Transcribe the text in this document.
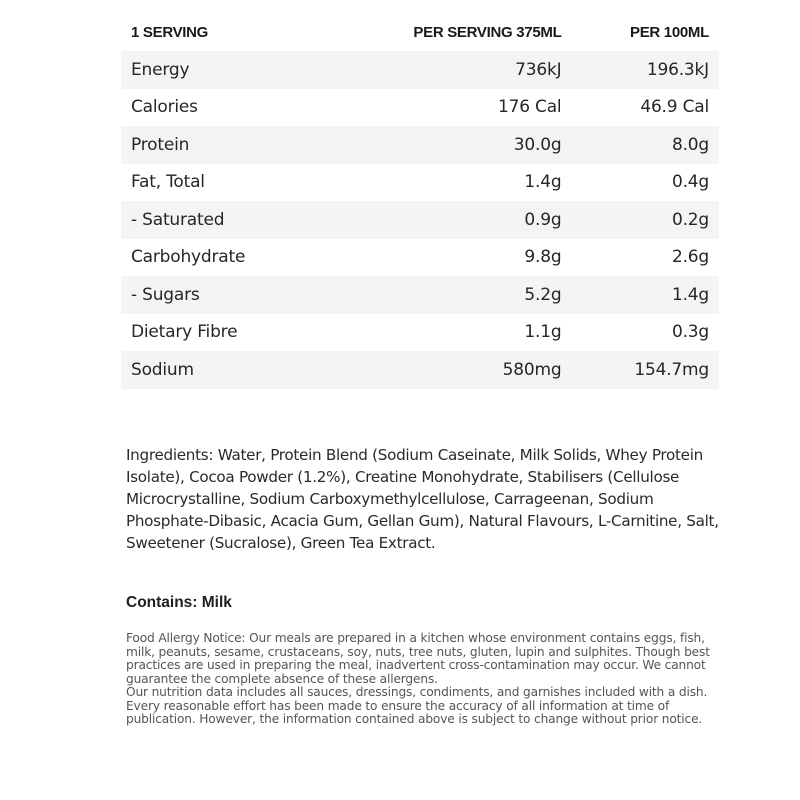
1 SERVING	PER SERVING 375ML	PER 100ML
Energy	736kJ	196.3kJ
Calories	176 Cal	46.9 Cal
Protein	30.0g	8.0g
Fat, Total	1.4g	0.4g
- Saturated	0.9g	0.2g
Carbohydrate	9.8g	2.6g
- Sugars	5.2g	1.4g
Dietary Fibre	1.1g	0.3g
Sodium	580mg	154.7mg
Ingredients: Water, Protein Blend (Sodium Caseinate, Milk Solids, Whey Protein Isolate), Cocoa Powder (1.2%), Creatine Monohydrate, Stabilisers (Cellulose Microcrystalline, Sodium Carboxymethylcellulose, Carrageenan, Sodium Phosphate-Dibasic, Acacia Gum, Gellan Gum), Natural Flavours, L-Carnitine, Salt, Sweetener (Sucralose), Green Tea Extract.
Contains: Milk

Food Allergy Notice: Our meals are prepared in a kitchen whose environment contains eggs, fish, milk, peanuts, sesame, crustaceans, soy, nuts, tree nuts, gluten, lupin and sulphites. Though best practices are used in preparing the meal, inadvertent cross-contamination may occur. We cannot guarantee the complete absence of these allergens.

Our nutrition data includes all sauces, dressings, condiments, and garnishes included with a dish. Every reasonable effort has been made to ensure the accuracy of all information at time of publication. However, the information contained above is subject to change without prior notice.
